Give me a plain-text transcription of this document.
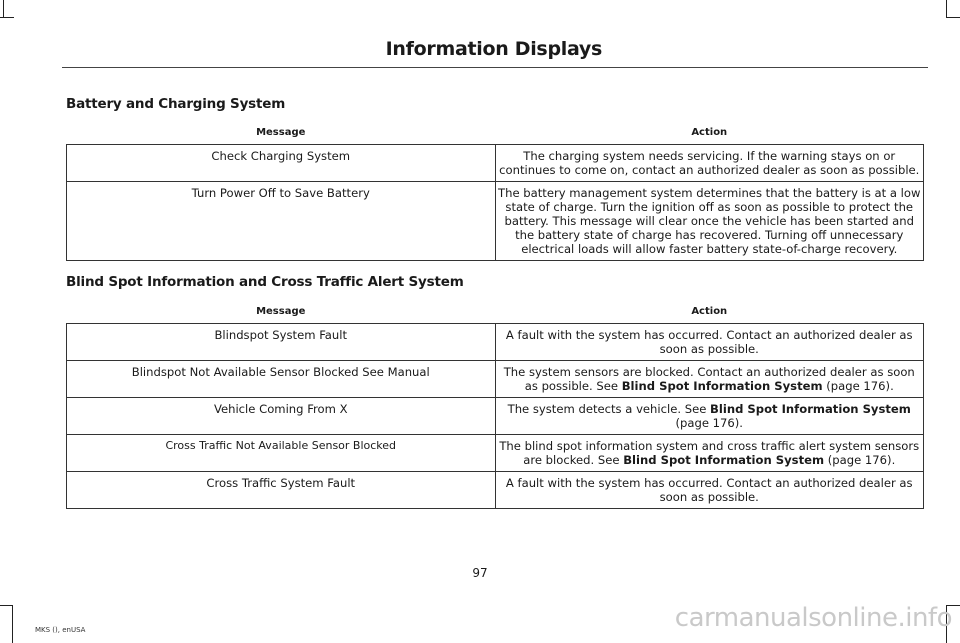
Information Displays
Battery and Charging System
Message	Action
Check Charging System	The charging system needs servicing. If the warning stays on or continues to come on, contact an authorized dealer as soon as possible.
Turn Power Off to Save Battery	The battery management system determines that the battery is at a low state of charge. Turn the ignition off as soon as possible to protect the battery. This message will clear once the vehicle has been started and the battery state of charge has recovered. Turning off unnecessary electrical loads will allow faster battery state-of-charge recovery.
Blind Spot Information and Cross Traffic Alert System
Message	Action
Blindspot System Fault	A fault with the system has occurred. Contact an authorized dealer as soon as possible.
Blindspot Not Available Sensor Blocked See Manual	The system sensors are blocked. Contact an authorized dealer as soon as possible. See Blind Spot Information System (page 176).
Vehicle Coming From X	The system detects a vehicle. See Blind Spot Information System (page 176).
Cross Traffic Not Available Sensor Blocked	The blind spot information system and cross traffic alert system sensors are blocked. See Blind Spot Information System (page 176).
Cross Traffic System Fault	A fault with the system has occurred. Contact an authorized dealer as soon as possible.
97
MKS (), enUSA	carmanualsonline.info
